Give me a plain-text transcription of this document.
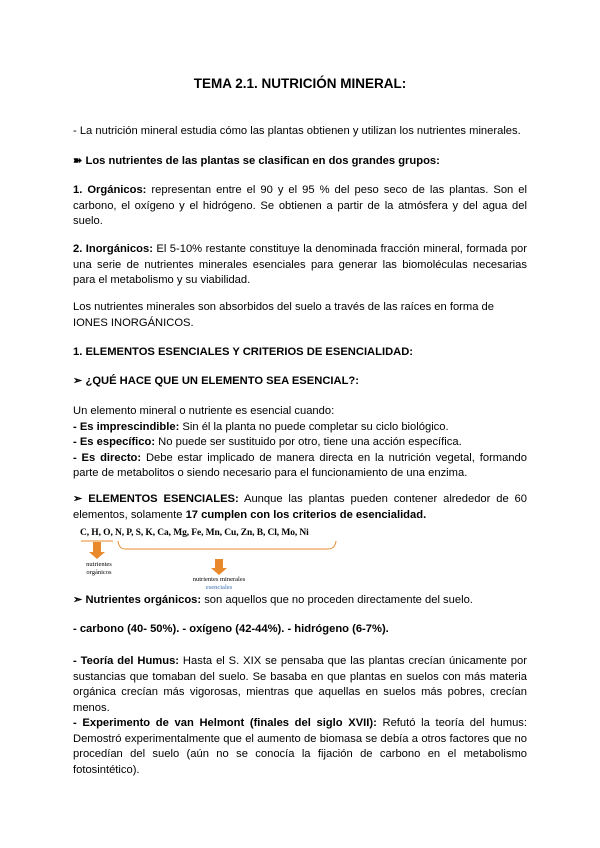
TEMA 2.1. NUTRICIÓN MINERAL:
- La nutrición mineral estudia cómo las plantas obtienen y utilizan los nutrientes minerales.
➽ Los nutrientes de las plantas se clasifican en dos grandes grupos:
1. Orgánicos: representan entre el 90 y el 95 % del peso seco de las plantas. Son el carbono, el oxígeno y el hidrógeno. Se obtienen a partir de la atmósfera y del agua del suelo.
2. Inorgánicos: El 5-10% restante constituye la denominada fracción mineral, formada por una serie de nutrientes minerales esenciales para generar las biomoléculas necesarias para el metabolismo y su viabilidad.
Los nutrientes minerales son absorbidos del suelo a través de las raíces en forma de IONES INORGÁNICOS.
1. ELEMENTOS ESENCIALES Y CRITERIOS DE ESENCIALIDAD:
➢ ¿QUÉ HACE QUE UN ELEMENTO SEA ESENCIAL?:
Un elemento mineral o nutriente es esencial cuando:
- Es imprescindible: Sin él la planta no puede completar su ciclo biológico.
- Es específico: No puede ser sustituido por otro, tiene una acción específica.
- Es directo: Debe estar implicado de manera directa en la nutrición vegetal, formando parte de metabolitos o siendo necesario para el funcionamiento de una enzima.
➢ ELEMENTOS ESENCIALES: Aunque las plantas pueden contener alrededor de 60 elementos, solamente 17 cumplen con los criterios de esencialidad.
C, H, O, N, P, S, K, Ca, Mg, Fe, Mn, Cu, Zn, B, Cl, Mo, Ni
nutrientes orgánicos
nutrientes minerales
esenciales
➣ Nutrientes orgánicos: son aquellos que no proceden directamente del suelo.
- carbono (40- 50%). - oxígeno (42-44%). - hidrógeno (6-7%).
- Teoría del Humus: Hasta el S. XIX se pensaba que las plantas crecían únicamente por sustancias que tomaban del suelo. Se basaba en que plantas en suelos con más materia orgánica crecían más vigorosas, mientras que aquellas en suelos más pobres, crecían menos.
- Experimento de van Helmont (finales del siglo XVII): Refutó la teoría del humus: Demostró experimentalmente que el aumento de biomasa se debía a otros factores que no procedían del suelo (aún no se conocía la fijación de carbono en el metabolismo fotosintético).
